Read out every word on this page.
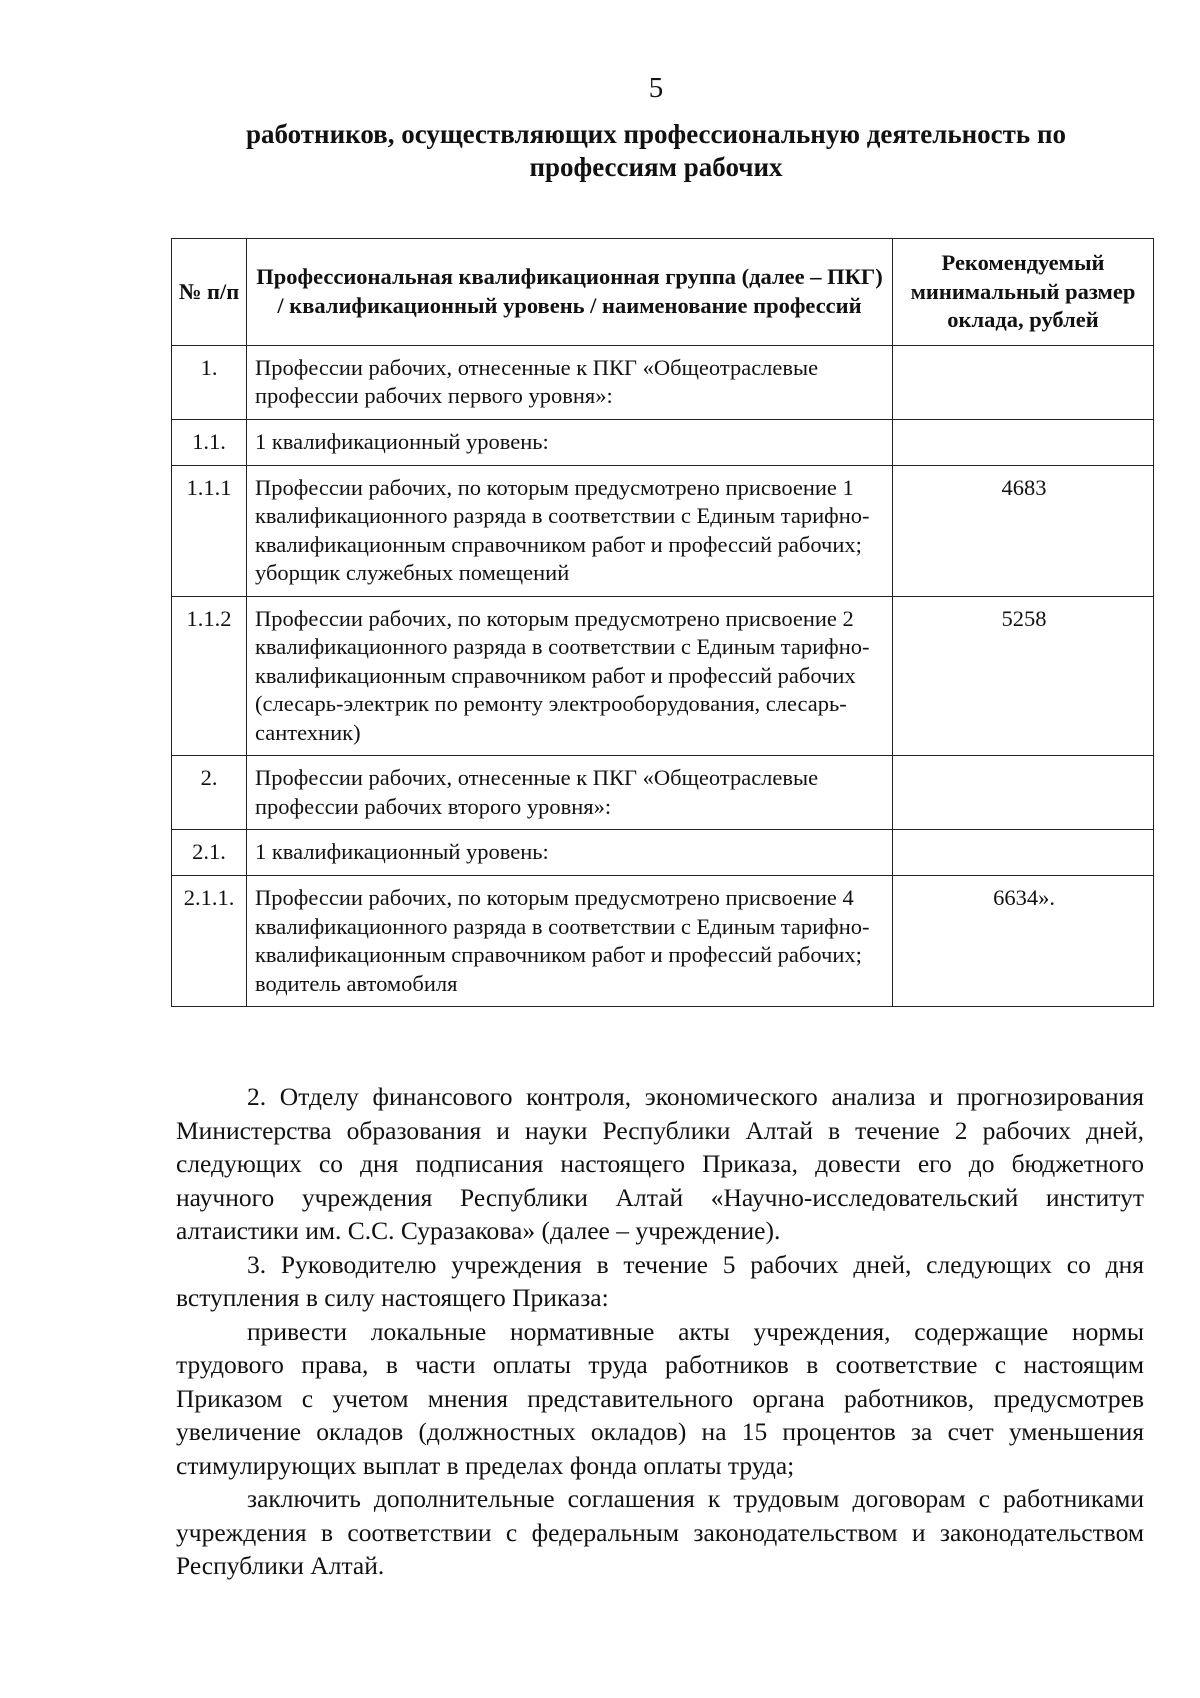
5
работников, осуществляющих профессиональную деятельность по профессиям рабочих
№ п/п	Профессиональная квалификационная группа (далее – ПКГ) / квалификационный уровень / наименование профессий	Рекомендуемый минимальный размер оклада, рублей
1.	Профессии рабочих, отнесенные к ПКГ «Общеотраслевые профессии рабочих первого уровня»:	
1.1.	1 квалификационный уровень:	
1.1.1	Профессии рабочих, по которым предусмотрено присвоение 1 квалификационного разряда в соответствии с Единым тарифно-квалификационным справочником работ и профессий рабочих; уборщик служебных помещений	4683
1.1.2	Профессии рабочих, по которым предусмотрено присвоение 2 квалификационного разряда в соответствии с Единым тарифно-квалификационным справочником работ и профессий рабочих (слесарь-электрик по ремонту электрооборудования, слесарь-сантехник)	5258
2.	Профессии рабочих, отнесенные к ПКГ «Общеотраслевые профессии рабочих второго уровня»:	
2.1.	1 квалификационный уровень:	
2.1.1.	Профессии рабочих, по которым предусмотрено присвоение 4 квалификационного разряда в соответствии с Единым тарифно-квалификационным справочником работ и профессий рабочих; водитель автомобиля	6634».

2. Отделу финансового контроля, экономического анализа и прогнозирования Министерства образования и науки Республики Алтай в течение 2 рабочих дней, следующих со дня подписания настоящего Приказа, довести его до бюджетного научного учреждения Республики Алтай «Научно-исследовательский институт алтаистики им. С.С. Суразакова» (далее – учреждение).

3. Руководителю учреждения в течение 5 рабочих дней, следующих со дня вступления в силу настоящего Приказа:

привести локальные нормативные акты учреждения, содержащие нормы трудового права, в части оплаты труда работников в соответствие с настоящим Приказом с учетом мнения представительного органа работников, предусмотрев увеличение окладов (должностных окладов) на 15 процентов за счет уменьшения стимулирующих выплат в пределах фонда оплаты труда;

заключить дополнительные соглашения к трудовым договорам с работниками учреждения в соответствии с федеральным законодательством и законодательством Республики Алтай.
